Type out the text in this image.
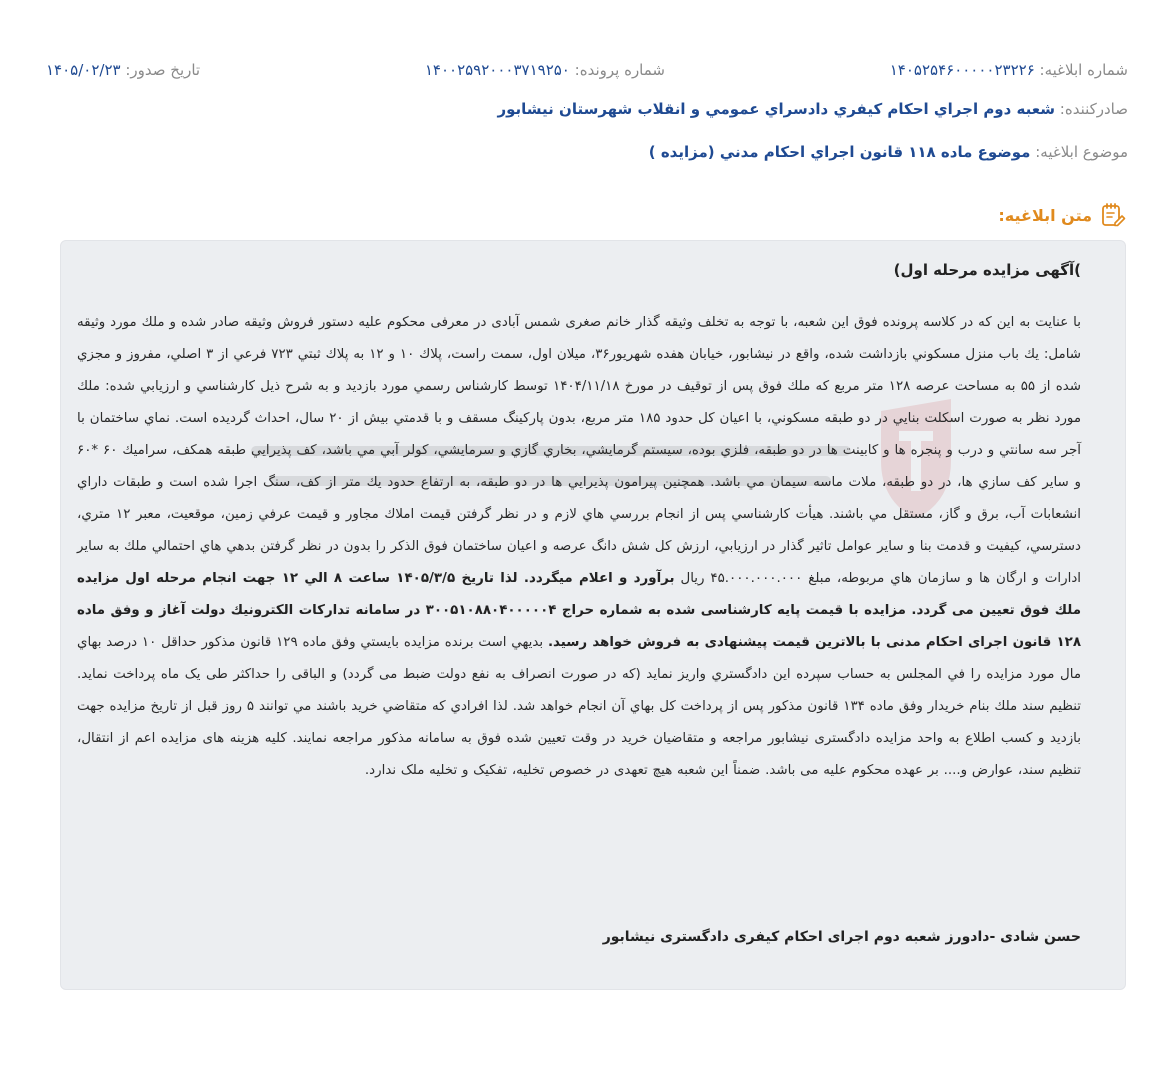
شماره ابلاغیه: ۱۴۰۵۲۵۴۶۰۰۰۰۰۲۳۲۲۶
شماره پرونده: ۱۴۰۰۲۵۹۲۰۰۰۳۷۱۹۲۵۰
تاریخ صدور: ۱۴۰۵/۰۲/۲۳
صادرکننده: شعبه دوم اجراي احكام كيفري دادسراي عمومي و انقلاب شهرستان نيشابور
موضوع ابلاغیه: موضوع ماده ۱۱۸ قانون اجراي احكام مدني (مزايده )
متن ابلاغیه:
)آگهی مزایده مرحله اول)
با عنايت به اين كه در كلاسه پرونده فوق اين شعبه، با توجه به تخلف وثيقه گذار خانم صغری شمس آبادی در معرفی محكوم عليه دستور فروش وثيقه صادر شده و ملك مورد وثيقه شامل: يك باب منزل مسكوني بازداشت شده، واقع در نيشابور، خيابان هفده شهريور۳۶، ميلان اول، سمت راست، پلاك ۱۰ و ۱۲ به پلاك ثبتي ۷۲۳ فرعي از ۳ اصلي، مفروز و مجزي شده از ۵۵ به مساحت عرصه ۱۲۸ متر مربع كه ملك فوق پس از توقيف در مورخ ۱۴۰۴/۱۱/۱۸ توسط كارشناس رسمي مورد بازديد و به شرح ذيل كارشناسي و ارزيابي شده: ملك مورد نظر به صورت اسكلت بنايي در دو طبقه مسكوني، با اعيان كل حدود ۱۸۵ متر مربع، بدون پاركينگ مسقف و با قدمتي بيش از ۲۰ سال، احداث گرديده است. نماي ساختمان با آجر سه سانتي و درب و پنجره ها و كابينت ها در دو طبقه، فلزي بوده، سيستم گرمايشي، بخاري گازي و سرمايشي، كولر آبي مي باشد، كف پذيرايي طبقه همكف، سراميك ۶۰ *۶۰ و ساير كف سازي ها، در دو طبقه، ملات ماسه سيمان مي باشد. همچنين پيرامون پذيرايي ها در دو طبقه، به ارتفاع حدود يك متر از كف، سنگ اجرا شده است و طبقات داراي انشعابات آب، برق و گاز، مستقل مي باشند. هيأت كارشناسي پس از انجام بررسي هاي لازم و در نظر گرفتن قيمت املاك مجاور و قيمت عرفي زمين، موقعيت، معبر ۱۲ متري، دسترسي، كيفيت و قدمت بنا و ساير عوامل تاثير گذار در ارزيابي، ارزش كل شش دانگ عرصه و اعيان ساختمان فوق الذكر را بدون در نظر گرفتن بدهي هاي احتمالي ملك به ساير ادارات و ارگان ها و سازمان هاي مربوطه، مبلغ ۴۵.۰۰۰.۰۰۰.۰۰۰ ريال برآورد و اعلام ميگردد. لذا تاريخ ۱۴۰۵/۳/۵ ساعت ۸ الي ۱۲ جهت انجام مرحله اول مزايده ملك فوق تعيين می گردد. مزايده با قيمت پايه كارشناسی شده به شماره حراج ۳۰۰۵۱۰۸۸۰۴۰۰۰۰۰۴ در سامانه تداركات الكترونيك دولت آغاز و وفق ماده ۱۲۸ قانون اجرای احكام مدنی با بالاترين قيمت پيشنهادی به فروش خواهد رسيد. بديهي است برنده مزايده بايستي وفق ماده ۱۲۹ قانون مذكور حداقل ۱۰ درصد بهاي مال مورد مزايده را في المجلس به حساب سپرده اين دادگستري واريز نمايد (كه در صورت انصراف به نفع دولت ضبط می گردد) و الباقی را حداكثر طی يک ماه پرداخت نمايد. تنظيم سند ملك بنام خريدار وفق ماده ۱۳۴ قانون مذكور پس از پرداخت كل بهاي آن انجام خواهد شد. لذا افرادي كه متقاضي خريد باشند مي توانند ۵ روز قبل از تاريخ مزايده جهت بازديد و كسب اطلاع به واحد مزايده دادگستری نيشابور مراجعه و متقاضيان خريد در وقت تعيين شده فوق به سامانه مذكور مراجعه نمايند. كليه هزينه های مزايده اعم از انتقال، تنظيم سند، عوارض و.... بر عهده محكوم عليه می باشد. ضمناً اين شعبه هيچ تعهدی در خصوص تخليه، تفكيک و تخليه ملک ندارد.
حسن شادی -دادورز شعبه دوم اجرای احكام كيفری دادگستری نيشابور
